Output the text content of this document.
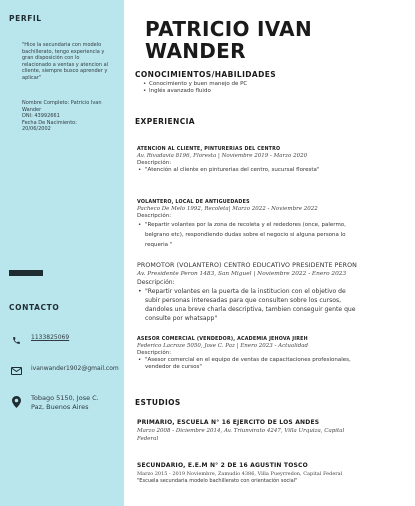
PERFIL
"Hice la secundaria con modelo
bachillerato, tengo experiencia y
gran disposición con lo
relacionado a ventas y atencion al
cliente, siempre busco aprender y
aplicar"
Nombre Completo: Patricio Ivan
Wander
DNI: 43992661
Fecha De Nacimiento:
20/06/2002
CONTACTO
1133825069
ivanwander1902@gmail.com
Tobago 5150, Jose C.
Paz, Buenos Aires
PATRICIO IVAN
WANDER
CONOCIMIENTOS/HABILIDADES
• Conocimiento y buen manejo de PC
• Inglés avanzado fluido
EXPERIENCIA
ATENCION AL CLIENTE, PINTURERIAS DEL CENTRO
Av. Rivadavia 8196, Floresta | Noviembre 2019 - Marzo 2020
Descripción:
• "Atención al cliente en pinturerias del centro, sucursal floresta"
VOLANTERO, LOCAL DE ANTIGUEDADES
Pacheco De Melo 1992, Recoleta| Marzo 2022 - Noviembre 2022
Descripción:
• "Repartir volantes por la zona de recoleta y el rededores (once, palermo,
belgrano etc), respondiendo dudas sobre el negocio si alguna persona lo
requeria "
PROMOTOR (VOLANTERO) CENTRO EDUCATIVO PRESIDENTE PERON
Av. Presidente Peron 1483, San Miguel | Noviembre 2022 - Enero 2023
Descripción:
• "Repartir volantes en la puerta de la institucion con el objetivo de
subir personas interesadas para que consulten sobre los cursos,
dandoles una breve charla descriptiva, tambien conseguir gente que
consulte por whatsapp"
ASESOR COMERCIAL (VENDEDOR), ACADEMIA JEHOVA JIREH
Federico Lacroze 5050, Jose C. Paz | Enero 2023 - Actualidad
Descripción:
• "Asesor comercial en el equipo de ventas de capacitaciones profesionales,
vendedor de cursos"
ESTUDIOS
PRIMARIO, ESCUELA N° 16 EJERCITO DE LOS ANDES
Marzo 2008 - Diciembre 2014, Av. Triunvirato 4247, Villa Urquiza, Capital
Federal
SECUNDARIO, E.E.M N° 2 DE 16 AGUSTIN TOSCO
Marzo 2015 - 2019 Noviembre, Zamudio 4386, Villa Pueyrredon, Capital Federal
"Escuela secundaria modelo bachillerato con orientación social"
